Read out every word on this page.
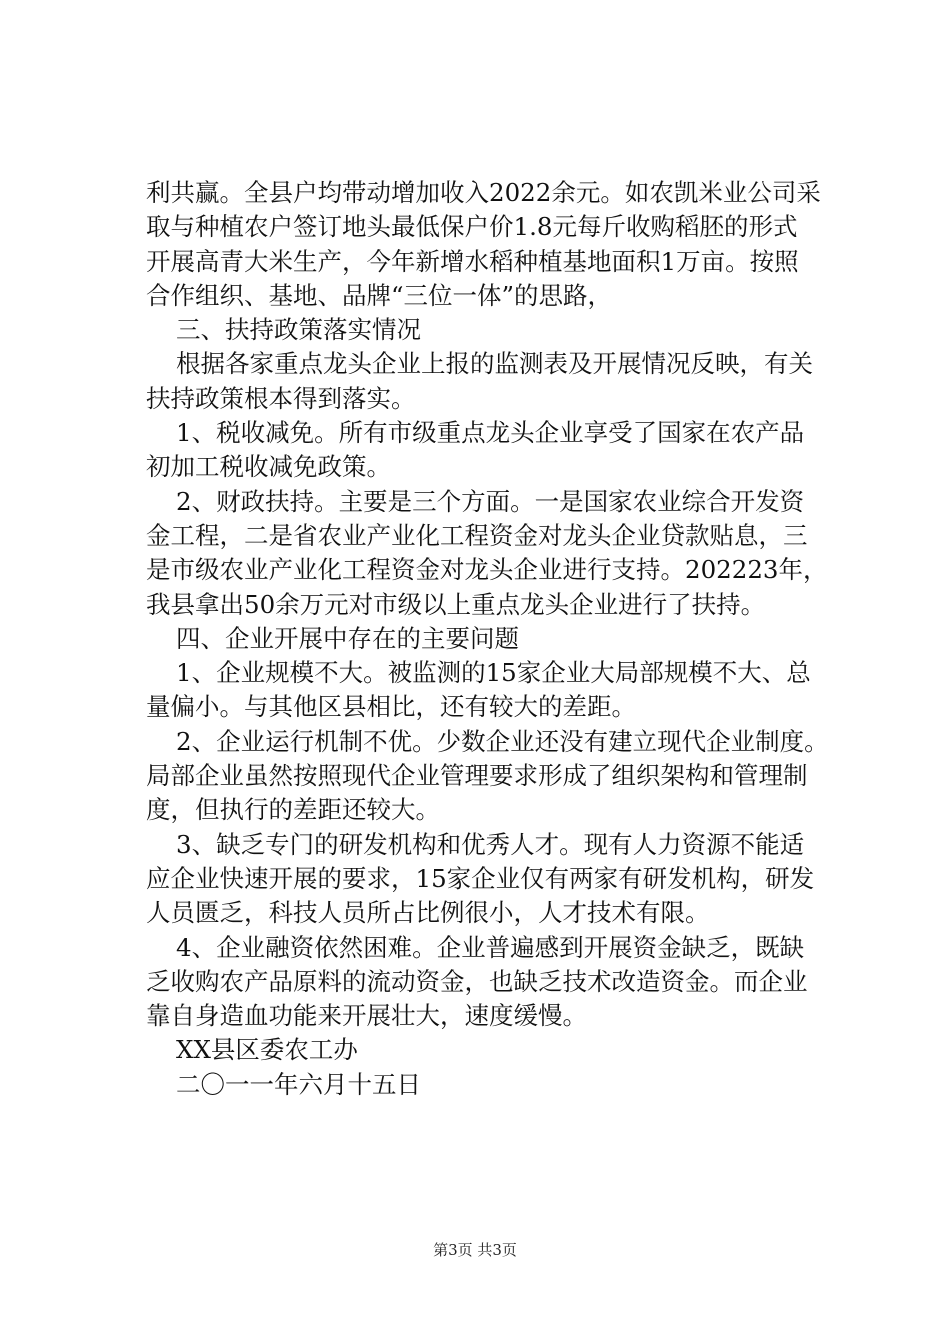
利共赢。全县户均带动增加收入2022余元。如农凯米业公司采
取与种植农户签订地头最低保户价1.8元每斤收购稻胚的形式
开展高青大米生产，今年新增水稻种植基地面积1万亩。按照
合作组织、基地、品牌“三位一体”的思路，
三、扶持政策落实情况
根据各家重点龙头企业上报的监测表及开展情况反映，有关
扶持政策根本得到落实。
1、税收减免。所有市级重点龙头企业享受了国家在农产品
初加工税收减免政策。
2、财政扶持。主要是三个方面。一是国家农业综合开发资
金工程，二是省农业产业化工程资金对龙头企业贷款贴息，三
是市级农业产业化工程资金对龙头企业进行支持。202223年，
我县拿出50余万元对市级以上重点龙头企业进行了扶持。
四、企业开展中存在的主要问题
1、企业规模不大。被监测的15家企业大局部规模不大、总
量偏小。与其他区县相比，还有较大的差距。
2、企业运行机制不优。少数企业还没有建立现代企业制度。
局部企业虽然按照现代企业管理要求形成了组织架构和管理制
度，但执行的差距还较大。
3、缺乏专门的研发机构和优秀人才。现有人力资源不能适
应企业快速开展的要求，15家企业仅有两家有研发机构，研发
人员匮乏，科技人员所占比例很小，人才技术有限。
4、企业融资依然困难。企业普遍感到开展资金缺乏，既缺
乏收购农产品原料的流动资金，也缺乏技术改造资金。而企业
靠自身造血功能来开展壮大，速度缓慢。
XX县区委农工办
二〇一一年六月十五日
第3页 共3页
